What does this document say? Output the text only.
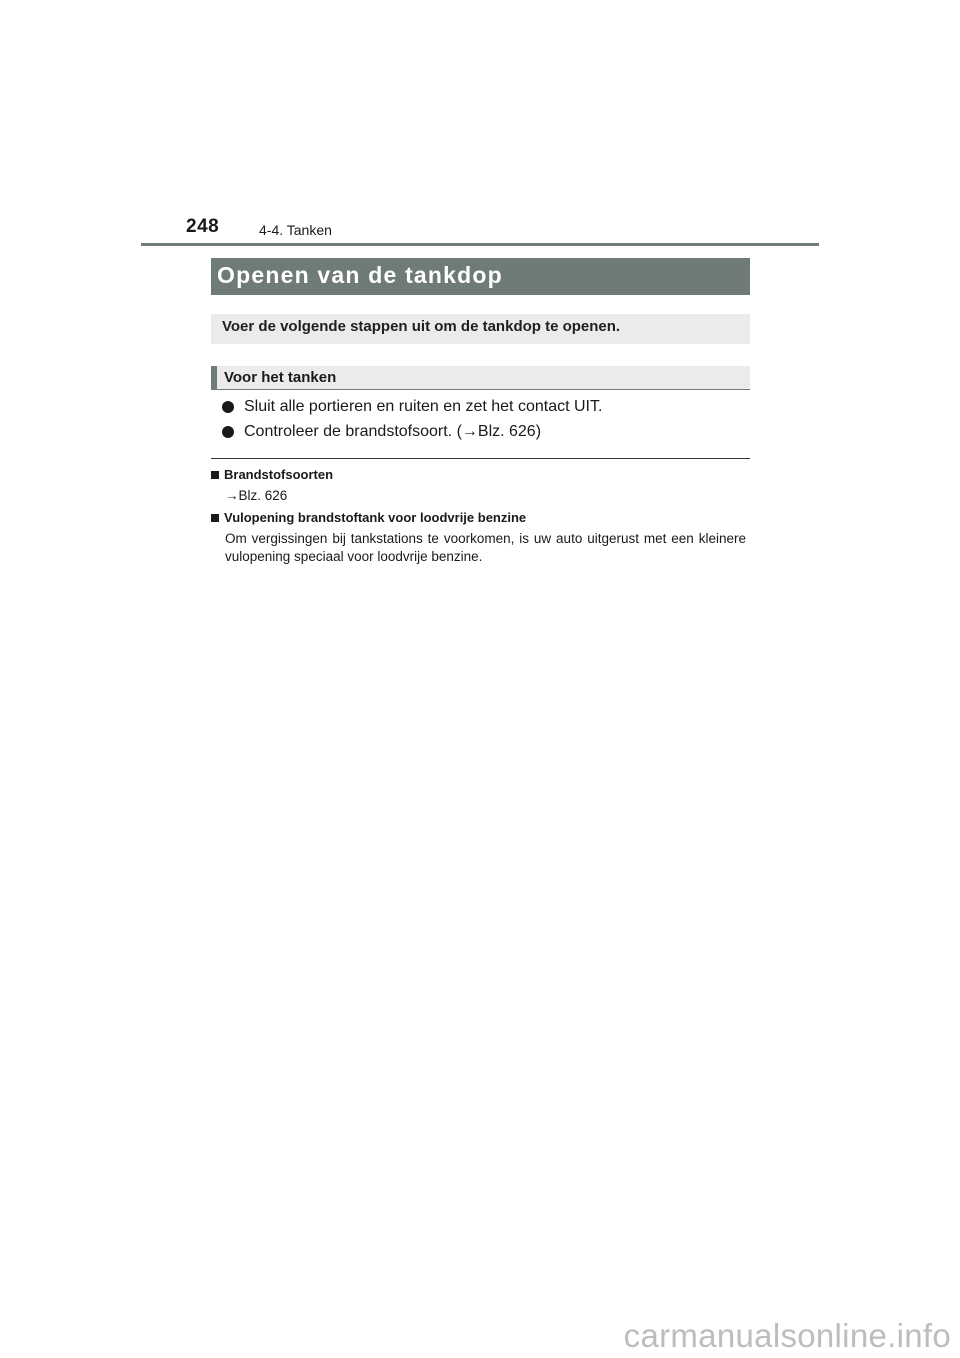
248	4-4. Tanken
Openen van de tankdop
Voer de volgende stappen uit om de tankdop te openen.
Voor het tanken
Sluit alle portieren en ruiten en zet het contact UIT.
Controleer de brandstofsoort. ( → Blz. 626)
Brandstofsoorten
→Blz. 626
Vulopening brandstoftank voor loodvrije benzine
Om vergissingen bij tankstations te voorkomen, is uw auto uitgerust met een kleinere vulopening speciaal voor loodvrije benzine.
carmanualsonline.info
